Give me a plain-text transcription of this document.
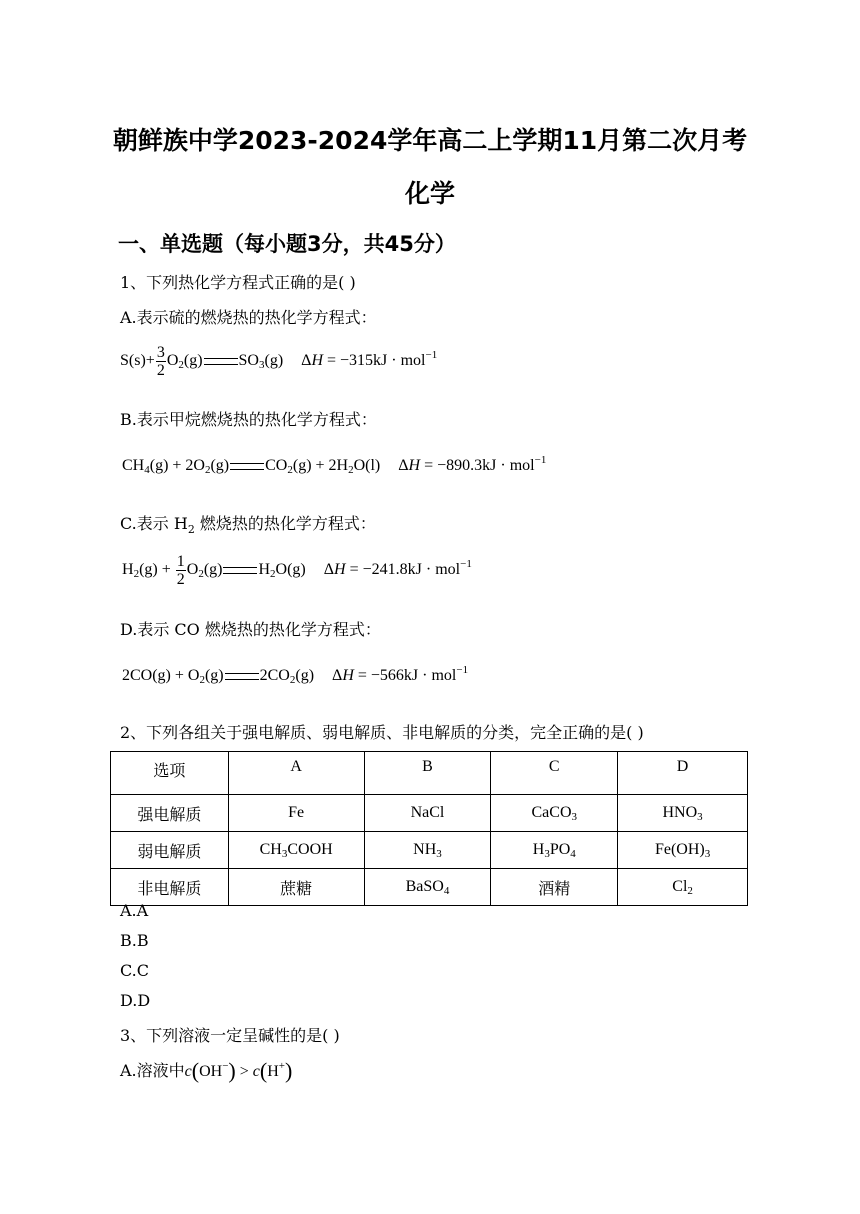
朝鲜族中学2023-2024学年高二上学期11月第二次月考
化学
一、单选题（每小题3分，共45分）
1、下列热化学方程式正确的是( )
A.表示硫的燃烧热的热化学方程式：
$S(s)+ \frac{3}{2} O_2(g)$ $SO_3(g) \Delta H = -315kJ \cdot mol^{-1}$
B.表示甲烷燃烧热的热化学方程式：
$CH_4(g) + 2O_2(g) CO_2(g) + 2H_2O(l) \Delta H = -890.3kJ \cdot mol^{-1}$
C.表示 $H_2$ 燃烧热的热化学方程式：
$H_2(g) + \frac{1}{2} O_2(g)$ $H_2O(g) \Delta H = -241.8kJ \cdot mol^{-1}$
D.表示 CO 燃烧热的热化学方程式：
$2CO(g) + O_2(g)$ $2CO_2(g) \Delta H = -566kJ \cdot mol^{-1}$
2、下列各组关于强电解质、弱电解质、非电解质的分类，完全正确的是( )
选项	A	B	C	D
强电解质	Fe	NaCl	CaCO$_3$	$HNO_3$
弱电解质	$CH_3COOH$	$NH_3$	$H_3PO_4$	$Fe(OH)_3$
非电解质	蔗糖	BaSO$_4$	酒精	$Cl_2$
A.A
B.B
C.C
D.D
3、下列溶液一定呈碱性的是( )
A.溶液中c(OH−) > c(H+)
